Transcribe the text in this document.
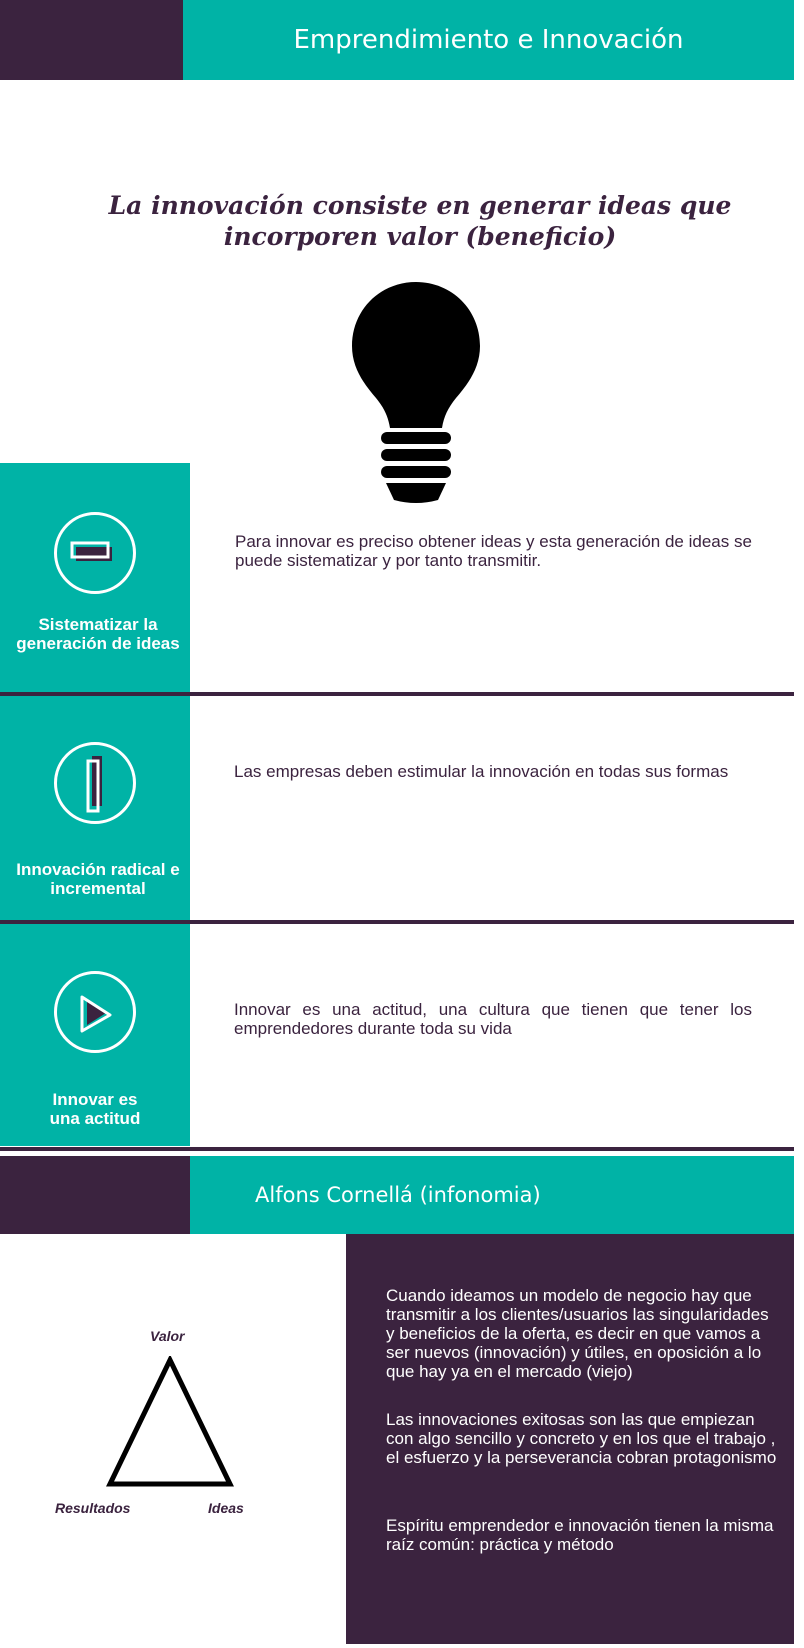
Emprendimiento e Innovación
La innovación consiste en generar ideas que incorporen valor (beneficio)
Sistematizar la generación de ideas
Para innovar es preciso obtener ideas y esta generación de ideas se puede sistematizar y por tanto transmitir.
Innovación radical e incremental
Las empresas deben estimular la innovación en todas sus formas
Innovar es una actitud
Innovar es una actitud, una cultura que tienen que tener los emprendedores durante toda su vida
Alfons Cornellá (infonomia)
Valor
Resultados	Ideas
Cuando ideamos un modelo de negocio hay que transmitir a los clientes/usuarios las singularidades y beneficios de la oferta, es decir en que vamos a ser nuevos (innovación) y útiles, en oposición a lo que hay ya en el mercado (viejo)
Las innovaciones exitosas son las que empiezan con algo sencillo y concreto y en los que el trabajo , el esfuerzo y la perseverancia cobran protagonismo
Espíritu emprendedor e innovación tienen la misma raíz común: práctica y método
